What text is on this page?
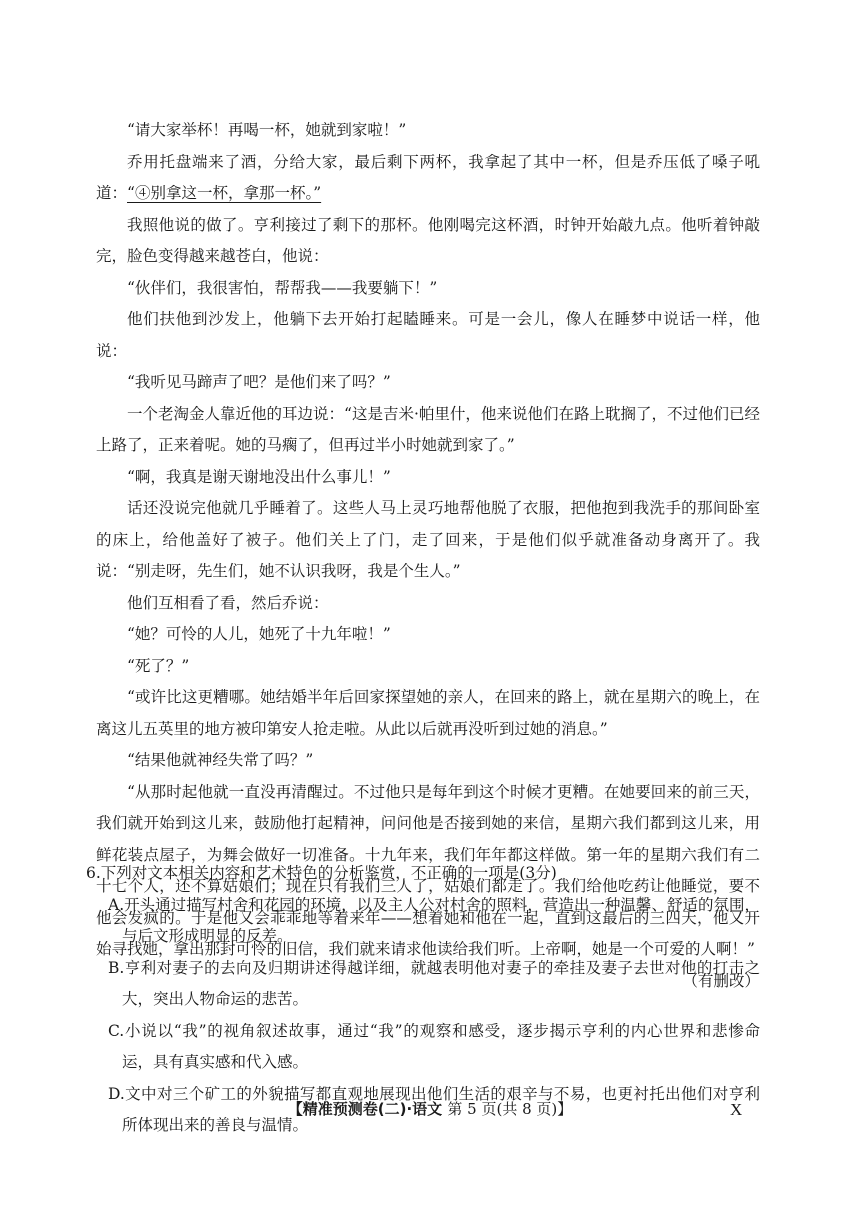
“请大家举杯！再喝一杯，她就到家啦！”

乔用托盘端来了酒，分给大家，最后剩下两杯，我拿起了其中一杯，但是乔压低了嗓子吼道：“④别拿这一杯，拿那一杯。”

我照他说的做了。亨利接过了剩下的那杯。他刚喝完这杯酒，时钟开始敲九点。他听着钟敲完，脸色变得越来越苍白，他说：

“伙伴们，我很害怕，帮帮我——我要躺下！”

他们扶他到沙发上，他躺下去开始打起瞌睡来。可是一会儿，像人在睡梦中说话一样，他说：

“我听见马蹄声了吧？是他们来了吗？”

一个老淘金人靠近他的耳边说：“这是吉米·帕里什，他来说他们在路上耽搁了，不过他们已经上路了，正来着呢。她的马瘸了，但再过半小时她就到家了。”

“啊，我真是谢天谢地没出什么事儿！”

话还没说完他就几乎睡着了。这些人马上灵巧地帮他脱了衣服，把他抱到我洗手的那间卧室的床上，给他盖好了被子。他们关上了门，走了回来，于是他们似乎就准备动身离开了。我说：“别走呀，先生们，她不认识我呀，我是个生人。”

他们互相看了看，然后乔说：

“她？可怜的人儿，她死了十九年啦！”

“死了？”

“或许比这更糟哪。她结婚半年后回家探望她的亲人，在回来的路上，就在星期六的晚上，在离这儿五英里的地方被印第安人抢走啦。从此以后就再没听到过她的消息。”

“结果他就神经失常了吗？”

“从那时起他就一直没再清醒过。不过他只是每年到这个时候才更糟。在她要回来的前三天，我们就开始到这儿来，鼓励他打起精神，问问他是否接到她的来信，星期六我们都到这儿来，用鲜花装点屋子，为舞会做好一切准备。十九年来，我们年年都这样做。第一年的星期六我们有二十七个人，还不算姑娘们；现在只有我们三人了，姑娘们都走了。我们给他吃药让他睡觉，要不他会发疯的。于是他又会乖乖地等着来年——想着她和他在一起，直到这最后的三四天，他又开始寻找她，拿出那封可怜的旧信，我们就来请求他读给我们听。上帝啊，她是一个可爱的人啊！”

（有删改）

6.下列对文本相关内容和艺术特色的分析鉴赏，不正确的一项是(3分)

A.开头通过描写村舍和花园的环境，以及主人公对村舍的照料，营造出一种温馨、舒适的氛围，与后文形成明显的反差。

B.亨利对妻子的去向及归期讲述得越详细，就越表明他对妻子的牵挂及妻子去世对他的打击之大，突出人物命运的悲苦。

C.小说以“我”的视角叙述故事，通过“我”的观察和感受，逐步揭示亨利的内心世界和悲惨命运，具有真实感和代入感。

D.文中对三个矿工的外貌描写都直观地展现出他们生活的艰辛与不易，也更衬托出他们对亨利所体现出来的善良与温情。

【精准预测卷(二)·语文 第 5 页(共 8 页)】	X
